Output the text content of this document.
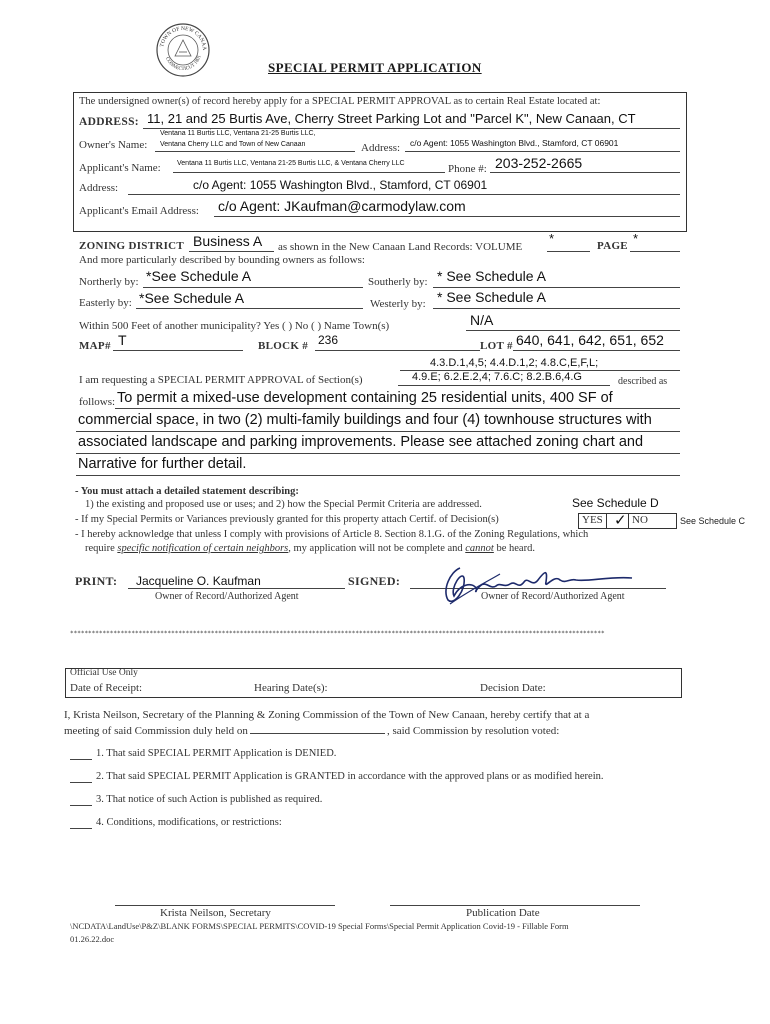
TOWN OF NEW CANAA
CONNECTICUT 1801
SPECIAL PERMIT APPLICATION
The undersigned owner(s) of record hereby apply for a SPECIAL PERMIT APPROVAL as to certain Real Estate located at:
ADDRESS: 11, 21 and 25 Burtis Ave, Cherry Street Parking Lot and "Parcel K", New Canaan, CT
Owner's Name:
Ventana 11 Burtis LLC, Ventana 21-25 Burtis LLC,
Ventana Cherry LLC and Town of New Canaan	Address: c/o Agent: 1055 Washington Blvd., Stamford, CT 06901
Applicant's Name: Ventana 11 Burtis LLC, Ventana 21-25 Burtis LLC, & Ventana Cherry LLC	Phone #: 203-252-2665
Address:	c/o Agent: 1055 Washington Blvd., Stamford, CT 06901
Applicant's Email Address: c/o Agent: JKaufman@carmodylaw.com
ZONING DISTRICT Business A as shown in the New Canaan Land Records: VOLUME
*	PAGE *
And more particularly described by bounding owners as follows:
Northerly by: *See Schedule A	Southerly by: * See Schedule A
Easterly by: *See Schedule A	Westerly by: * See Schedule A
Within 500 Feet of another municipality? Yes ( ) No ( ) Name Town(s)	N/A
MAP# T	BLOCK # 236	LOT # 640, 641, 642, 651, 652
4.3.D.1,4,5; 4.4.D.1,2; 4.8.C,E,F,L;
I am requesting a SPECIAL PERMIT APPROVAL of Section(s)	4.9.E; 6.2.E.2,4; 7.6.C; 8.2.B.6,4.G	described as
follows: To permit a mixed-use development containing 25 residential units, 400 SF of
commercial space, in two (2) multi-family buildings and four (4) townhouse structures with
associated landscape and parking improvements. Please see attached zoning chart and
Narrative for further detail.
- You must attach a detailed statement describing:
1) the existing and proposed use or uses; and 2) how the Special Permit Criteria are addressed.	See Schedule D
- If my Special Permits or Variances previously granted for this property attach Certif. of Decision(s)	YES ✓ NO	See Schedule C
- I hereby acknowledge that unless I comply with provisions of Article 8. Section 8.1.G. of the Zoning Regulations, which
require specific notification of certain neighbors, my application will not be complete and cannot be heard.
PRINT: Jacqueline O. Kaufman	SIGNED:
Owner of Record/Authorized Agent	Owner of Record/Authorized Agent
****************************************************************************************************************************************************
Official Use Only
Date of Receipt:	Hearing Date(s):	Decision Date:
I, Krista Neilson, Secretary of the Planning & Zoning Commission of the Town of New Canaan, hereby certify that at a
meeting of said Commission duly held on	, said Commission by resolution voted:
1. That said SPECIAL PERMIT Application is DENIED.
2. That said SPECIAL PERMIT Application is GRANTED in accordance with the approved plans or as modified herein.
3. That notice of such Action is published as required.
4. Conditions, modifications, or restrictions:
Krista Neilson, Secretary	Publication Date
\NCDATA\LandUse\P&Z\BLANK FORMS\SPECIAL PERMITS\COVID-19 Special Forms\Special Permit Application Covid-19 - Fillable Form
01.26.22.doc
